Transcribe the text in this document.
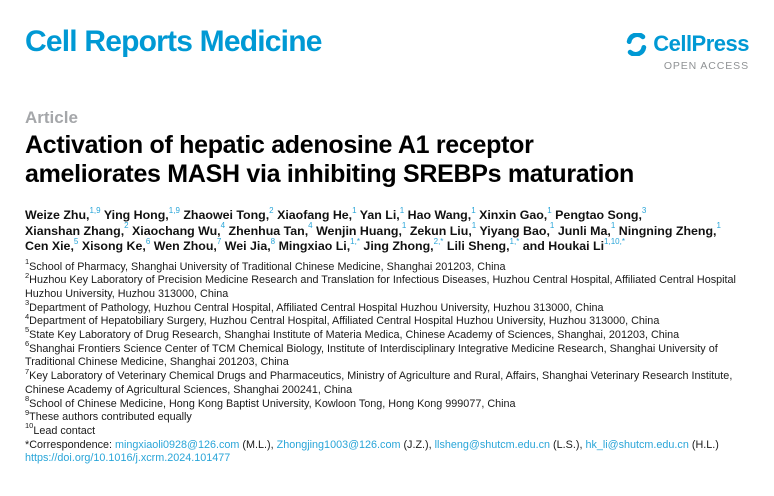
Cell Reports Medicine	CellPress
OPEN ACCESS
Article
Activation of hepatic adenosine A1 receptor
ameliorates MASH via inhibiting SREBPs maturation
Weize Zhu,$^{1,9}$ Ying Hong,$^{1,9}$ Zhaowei Tong,$^2$ Xiaofang He,$^1$ Yan Li,$^1$ Hao Wang,$^1$ Xinxin Gao,$^1$ Pengtao Song,$^3$
Xianshan Zhang,$^2$ Xiaochang Wu,$^4$ Zhenhua Tan,$^4$ Wenjin Huang,$^1$ Zekun Liu,$^1$ Yiyang Bao,$^1$ Junli Ma,$^1$ Ningning Zheng,$^1$
Cen Xie,$^5$ Xisong Ke,$^6$ Wen Zhou,$^7$ Wei Jia,$^8$ Mingxiao Li,$^{1,*}$ Jing Zhong,$^{2,*}$ Lili Sheng,$^{1,*}$ and Houkai $Li^{1,10,*}$
$^1$School of Pharmacy, Shanghai University of Traditional Chinese Medicine, Shanghai 201203, China
$^2$Huzhou Key Laboratory of Precision Medicine Research and Translation for Infectious Diseases, Huzhou Central Hospital, Affiliated Central Hospital Huzhou University, Huzhou 313000, China
$^3$Department of Pathology, Huzhou Central Hospital, Affiliated Central Hospital Huzhou University, Huzhou 313000, China
$^4$Department of Hepatobiliary Surgery, Huzhou Central Hospital, Affiliated Central Hospital Huzhou University, Huzhou 313000, China
$^5$State Key Laboratory of Drug Research, Shanghai Institute of Materia Medica, Chinese Academy of Sciences, Shanghai, 201203, China
$^6$Shanghai Frontiers Science Center of TCM Chemical Biology, Institute of Interdisciplinary Integrative Medicine Research, Shanghai University of Traditional Chinese Medicine, Shanghai 201203, China
$^7$Key Laboratory of Veterinary Chemical Drugs and Pharmaceutics, Ministry of Agriculture and Rural, Affairs, Shanghai Veterinary Research Institute, Chinese Academy of Agricultural Sciences, Shanghai 200241, China
$^8$School of Chinese Medicine, Hong Kong Baptist University, Kowloon Tong, Hong Kong 999077, China
$^9$These authors contributed equally
$^{10}$Lead contact
*Correspondence: mingxiaoli0928@126.com (M.L.), Zhongjing1003@126.com (J.Z.), llsheng@shutcm.edu.cn (L.S.), hk_li@shutcm.edu.cn (H.L.)
https://doi.org/10.1016/j.xcrm.2024.101477
